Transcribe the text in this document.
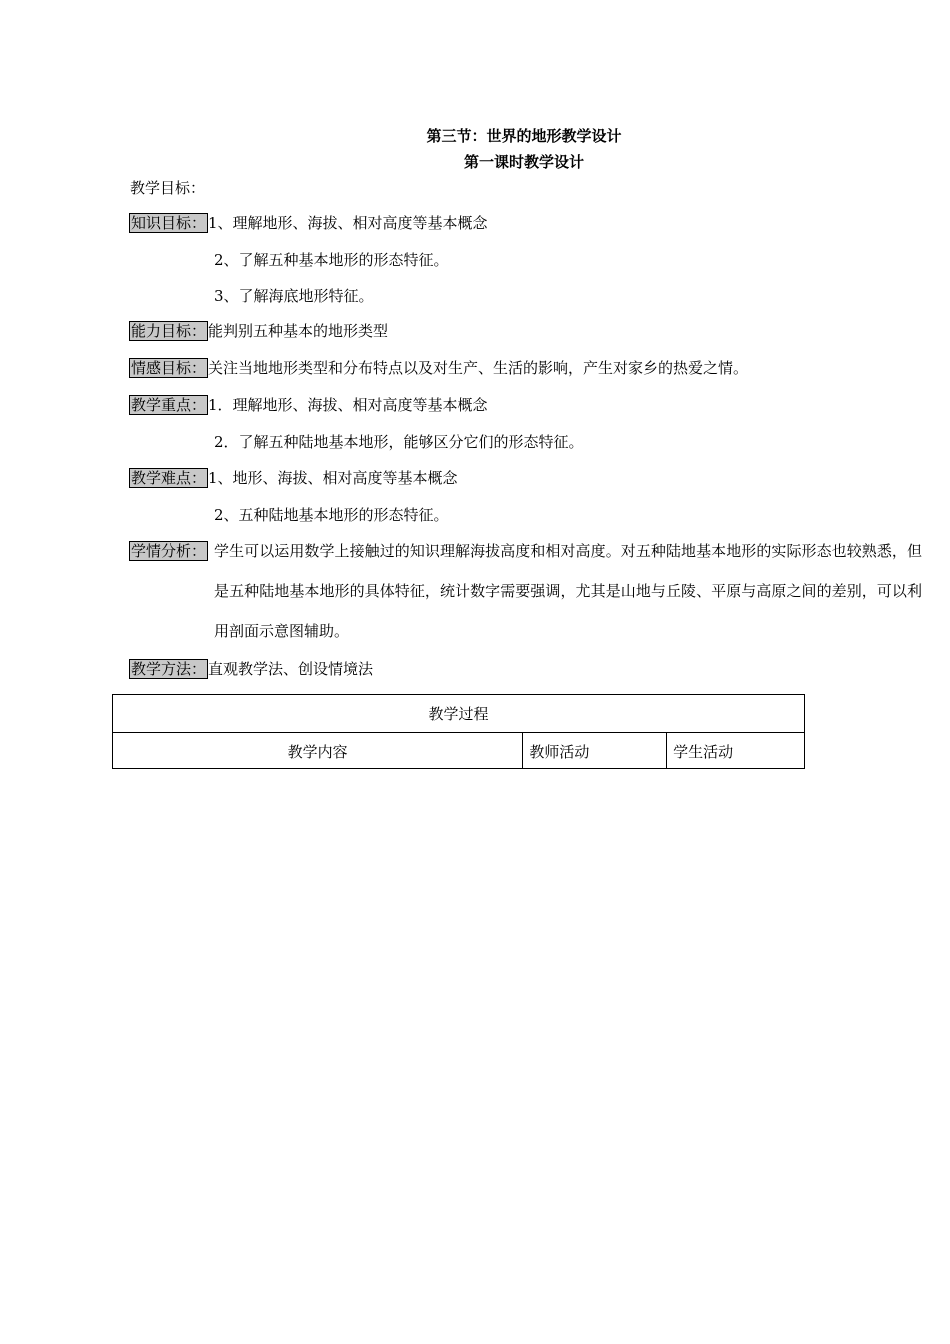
第三节：世界的地形教学设计
第一课时教学设计
教学目标：
知识目标： 1、理解地形、海拔、相对高度等基本概念
2、了解五种基本地形的形态特征。
3、了解海底地形特征。
能力目标： 能判别五种基本的地形类型
情感目标： 关注当地地形类型和分布特点以及对生产、生活的影响，产生对家乡的热爱之情。
教学重点： 1．理解地形、海拔、相对高度等基本概念
2．了解五种陆地基本地形，能够区分它们的形态特征。
教学难点： 1、地形、海拔、相对高度等基本概念
2、五种陆地基本地形的形态特征。
学情分析： 学生可以运用数学上接触过的知识理解海拔高度和相对高度。对五种陆地基本地形的实际形态也较熟悉，但是五种陆地基本地形的具体特征，统计数字需要强调，尤其是山地与丘陵、平原与高原之间的差别，可以利用剖面示意图辅助。
教学方法： 直观教学法、创设情境法
教学过程
教学内容	教师活动	学生活动
